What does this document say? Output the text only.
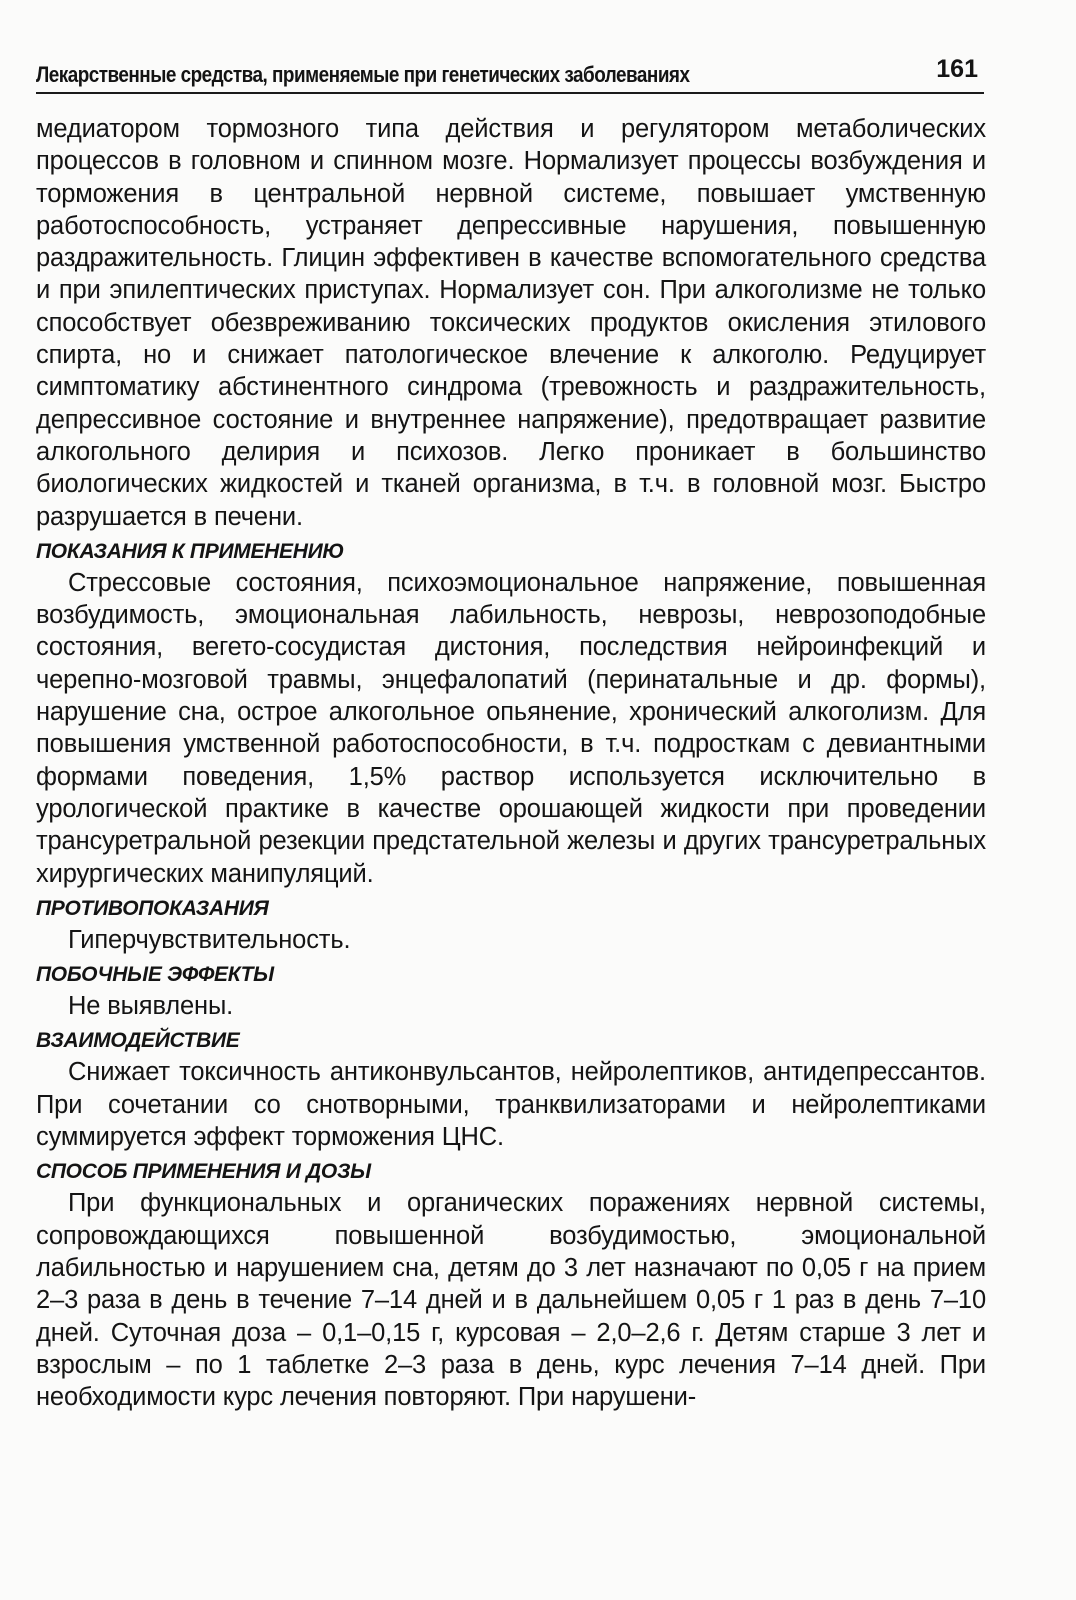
Лекарственные средства, применяемые при генетических заболеваниях	161

медиатором тормозного типа действия и регулятором метаболических процессов в головном и спинном мозге. Нормализует процессы возбуждения и торможения в центральной нервной системе, повышает умственную работоспособность, устраняет депрессивные нарушения, повышенную раздражительность. Глицин эффективен в качестве вспомогательного средства и при эпилептических приступах. Нормализует сон. При алкоголизме не только способствует обезвреживанию токсических продуктов окисления этилового спирта, но и снижает патологическое влечение к алкоголю. Редуцирует симптоматику абстинентного синдрома (тревожность и раздражительность, депрессивное состояние и внутреннее напряжение), предотвращает развитие алкогольного делирия и психозов. Легко проникает в большинство биологических жидкостей и тканей организма, в т.ч. в головной мозг. Быстро разрушается в печени.

ПОКАЗАНИЯ К ПРИМЕНЕНИЮ

Стрессовые состояния, психоэмоциональное напряжение, повышенная возбудимость, эмоциональная лабильность, неврозы, неврозоподобные состояния, вегето-сосудистая дистония, последствия нейроинфекций и черепно-мозговой травмы, энцефалопатий (перинатальные и др. формы), нарушение сна, острое алкогольное опьянение, хронический алкоголизм. Для повышения умственной работоспособности, в т.ч. подросткам с девиантными формами поведения, 1,5% раствор используется исключительно в урологической практике в качестве орошающей жидкости при проведении трансуретральной резекции предстательной железы и других трансуретральных хирургических манипуляций.

ПРОТИВОПОКАЗАНИЯ

Гиперчувствительность.

ПОБОЧНЫЕ ЭФФЕКТЫ

Не выявлены.

ВЗАИМОДЕЙСТВИЕ

Снижает токсичность антиконвульсантов, нейролептиков, антидепрессантов. При сочетании со снотворными, транквилизаторами и нейролептиками суммируется эффект торможения ЦНС.

СПОСОБ ПРИМЕНЕНИЯ И ДОЗЫ

При функциональных и органических поражениях нервной системы, сопровождающихся повышенной возбудимостью, эмоциональной лабильностью и нарушением сна, детям до 3 лет назначают по 0,05 г на прием 2–3 раза в день в течение 7–14 дней и в дальнейшем 0,05 г 1 раз в день 7–10 дней. Суточная доза – 0,1–0,15 г, курсовая – 2,0–2,6 г. Детям старше 3 лет и взрослым – по 1 таблетке 2–3 раза в день, курс лечения 7–14 дней. При необходимости курс лечения повторяют. При нарушени-
